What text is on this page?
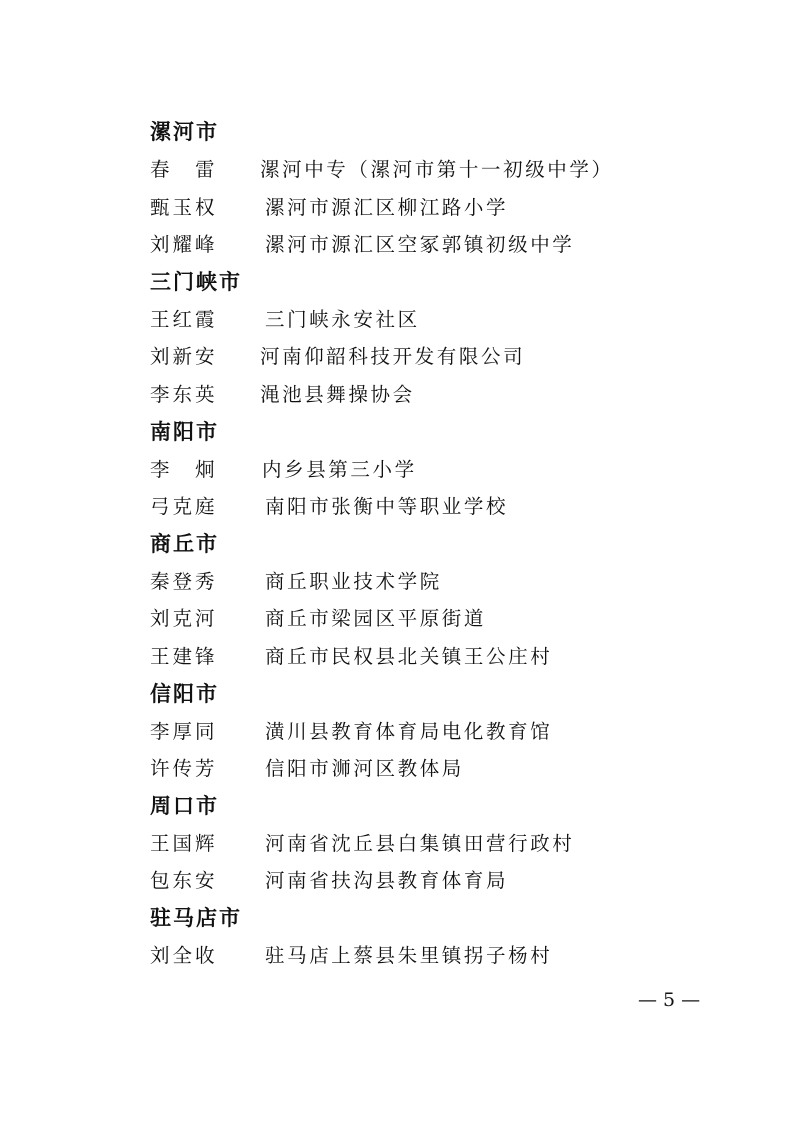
漯河市
春　雷 漯河中专（漯河市第十一初级中学）
甄玉权 漯河市源汇区柳江路小学
刘耀峰 漯河市源汇区空冢郭镇初级中学
三门峡市
王红霞 三门峡永安社区
刘新安 河南仰韶科技开发有限公司
李东英 渑池县舞操协会
南阳市
李　炯 内乡县第三小学
弓克庭 南阳市张衡中等职业学校
商丘市
秦登秀 商丘职业技术学院
刘克河 商丘市梁园区平原街道
王建锋 商丘市民权县北关镇王公庄村
信阳市
李厚同 潢川县教育体育局电化教育馆
许传芳 信阳市浉河区教体局
周口市
王国辉 河南省沈丘县白集镇田营行政村
包东安 河南省扶沟县教育体育局
驻马店市
刘全收 驻马店上蔡县朱里镇拐子杨村
— 5 —
